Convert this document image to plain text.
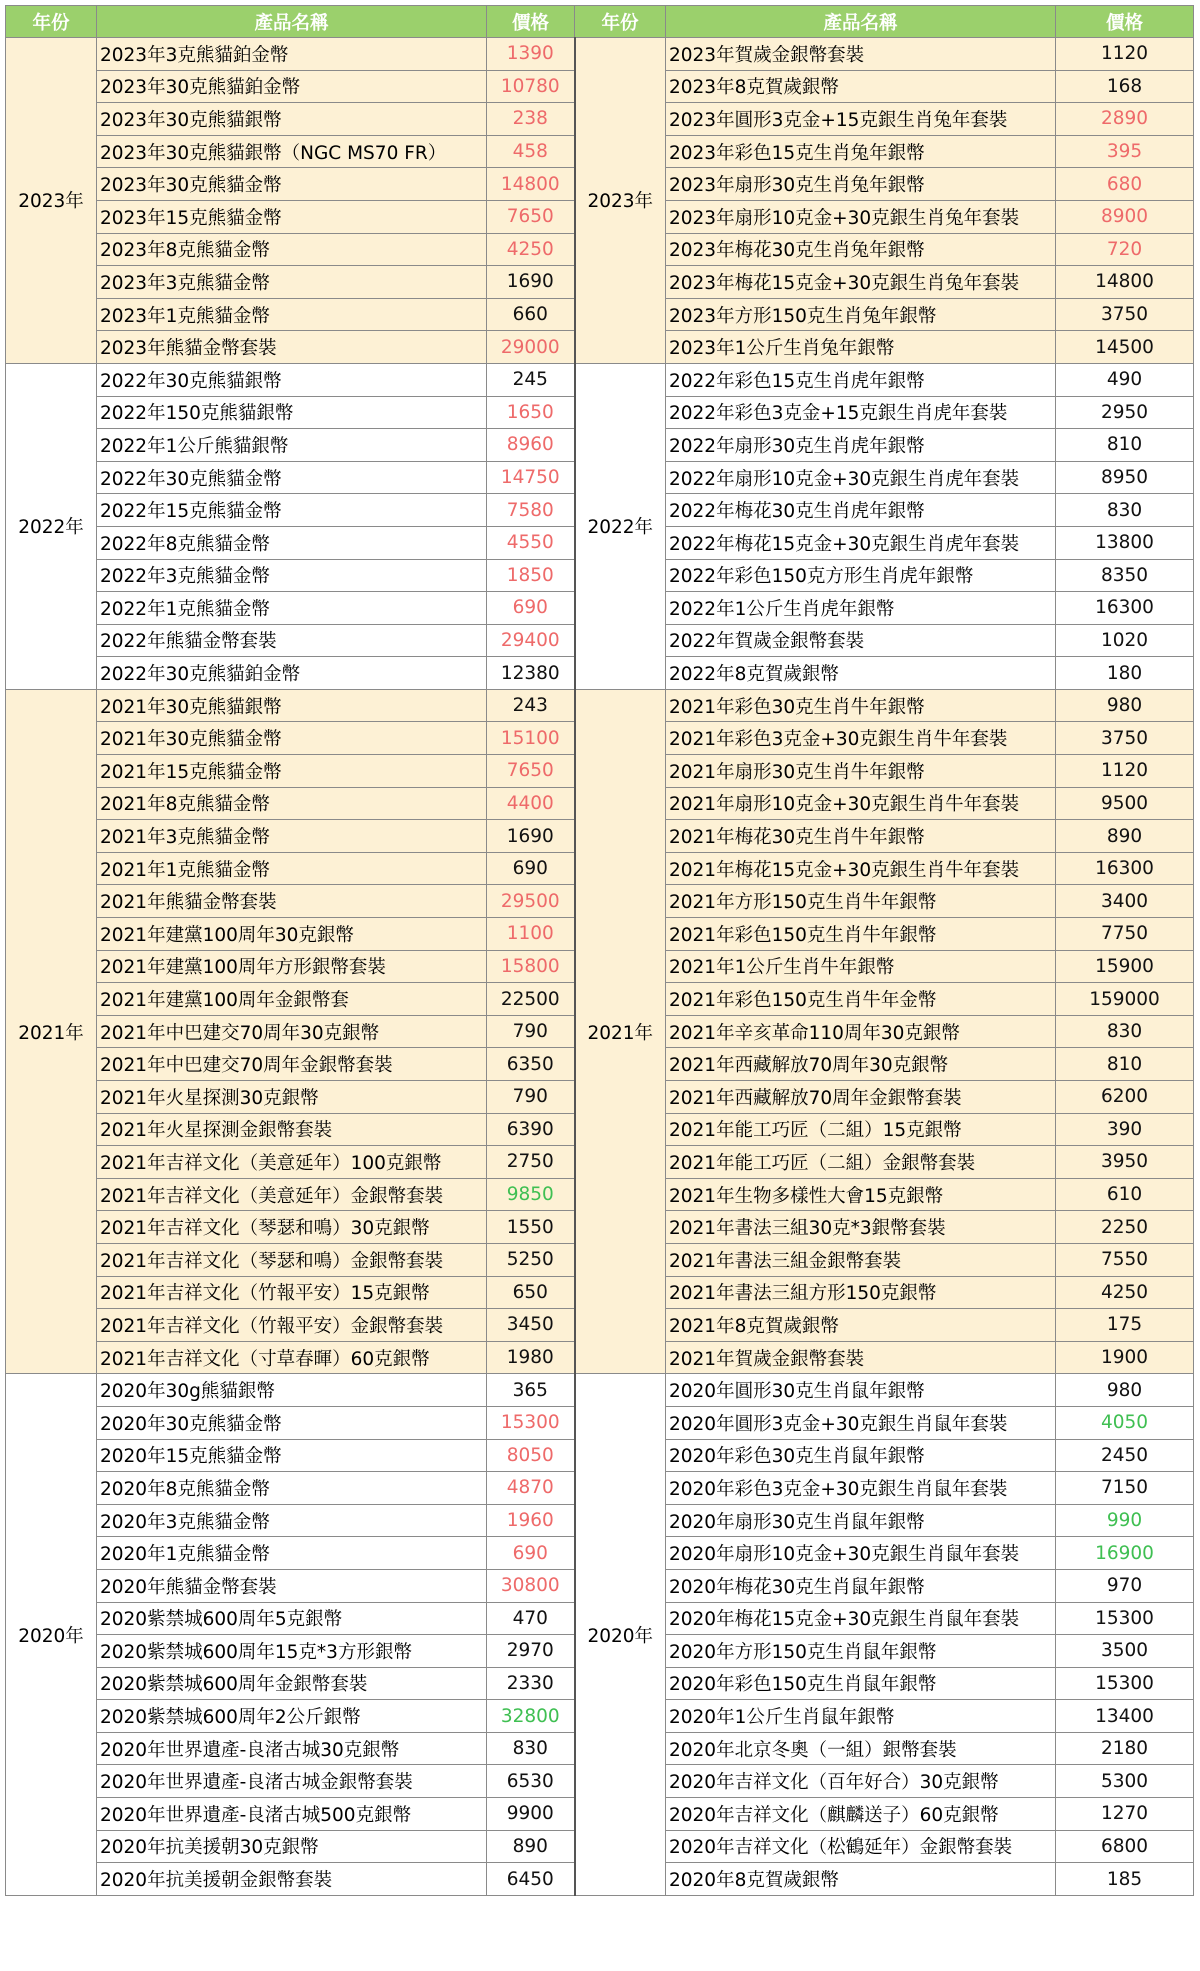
年份	產品名稱	價格	年份	產品名稱	價格
2023年	2023年3克熊貓鉑金幣	1390	2023年	2023年賀歲金銀幣套裝	1120
	2023年30克熊貓鉑金幣	10780		2023年8克賀歲銀幣	168
	2023年30克熊貓銀幣	238		2023年圓形3克金+15克銀生肖兔年套裝	2890
	2023年30克熊貓銀幣（NGC MS70 FR）	458		2023年彩色15克生肖兔年銀幣	395
	2023年30克熊貓金幣	14800		2023年扇形30克生肖兔年銀幣	680
	2023年15克熊貓金幣	7650		2023年扇形10克金+30克銀生肖兔年套裝	8900
	2023年8克熊貓金幣	4250		2023年梅花30克生肖兔年銀幣	720
	2023年3克熊貓金幣	1690		2023年梅花15克金+30克銀生肖兔年套裝	14800
	2023年1克熊貓金幣	660		2023年方形150克生肖兔年銀幣	3750
	2023年熊貓金幣套裝	29000		2023年1公斤生肖兔年銀幣	14500
2022年	2022年30克熊貓銀幣	245	2022年	2022年彩色15克生肖虎年銀幣	490
	2022年150克熊貓銀幣	1650		2022年彩色3克金+15克銀生肖虎年套裝	2950
	2022年1公斤熊貓銀幣	8960		2022年扇形30克生肖虎年銀幣	810
	2022年30克熊貓金幣	14750		2022年扇形10克金+30克銀生肖虎年套裝	8950
	2022年15克熊貓金幣	7580		2022年梅花30克生肖虎年銀幣	830
	2022年8克熊貓金幣	4550		2022年梅花15克金+30克銀生肖虎年套裝	13800
	2022年3克熊貓金幣	1850		2022年彩色150克方形生肖虎年銀幣	8350
	2022年1克熊貓金幣	690		2022年1公斤生肖虎年銀幣	16300
	2022年熊貓金幣套裝	29400		2022年賀歲金銀幣套裝	1020
	2022年30克熊貓鉑金幣	12380		2022年8克賀歲銀幣	180
2021年	2021年30克熊貓銀幣	243	2021年	2021年彩色30克生肖牛年銀幣	980
	2021年30克熊貓金幣	15100		2021年彩色3克金+30克銀生肖牛年套裝	3750
	2021年15克熊貓金幣	7650		2021年扇形30克生肖牛年銀幣	1120
	2021年8克熊貓金幣	4400		2021年扇形10克金+30克銀生肖牛年套裝	9500
	2021年3克熊貓金幣	1690		2021年梅花30克生肖牛年銀幣	890
	2021年1克熊貓金幣	690		2021年梅花15克金+30克銀生肖牛年套裝	16300
	2021年熊貓金幣套裝	29500		2021年方形150克生肖牛年銀幣	3400
	2021年建黨100周年30克銀幣	1100		2021年彩色150克生肖牛年銀幣	7750
	2021年建黨100周年方形銀幣套裝	15800		2021年1公斤生肖牛年銀幣	15900
	2021年建黨100周年金銀幣套	22500		2021年彩色150克生肖牛年金幣	159000
	2021年中巴建交70周年30克銀幣	790		2021年辛亥革命110周年30克銀幣	830
	2021年中巴建交70周年金銀幣套裝	6350		2021年西藏解放70周年30克銀幣	810
	2021年火星探測30克銀幣	790		2021年西藏解放70周年金銀幣套裝	6200
	2021年火星探測金銀幣套裝	6390		2021年能工巧匠（二組）15克銀幣	390
	2021年吉祥文化（美意延年）100克銀幣	2750		2021年能工巧匠（二組）金銀幣套裝	3950
	2021年吉祥文化（美意延年）金銀幣套裝	9850		2021年生物多樣性大會15克銀幣	610
	2021年吉祥文化（琴瑟和鳴）30克銀幣	1550		2021年書法三組30克*3銀幣套裝	2250
	2021年吉祥文化（琴瑟和鳴）金銀幣套裝	5250		2021年書法三組金銀幣套裝	7550
	2021年吉祥文化（竹報平安）15克銀幣	650		2021年書法三組方形150克銀幣	4250
	2021年吉祥文化（竹報平安）金銀幣套裝	3450		2021年8克賀歲銀幣	175
	2021年吉祥文化（寸草春暉）60克銀幣	1980		2021年賀歲金銀幣套裝	1900
2020年	2020年30g熊貓銀幣	365	2020年	2020年圓形30克生肖鼠年銀幣	980
	2020年30克熊貓金幣	15300		2020年圓形3克金+30克銀生肖鼠年套裝	4050
	2020年15克熊貓金幣	8050		2020年彩色30克生肖鼠年銀幣	2450
	2020年8克熊貓金幣	4870		2020年彩色3克金+30克銀生肖鼠年套裝	7150
	2020年3克熊貓金幣	1960		2020年扇形30克生肖鼠年銀幣	990
	2020年1克熊貓金幣	690		2020年扇形10克金+30克銀生肖鼠年套裝	16900
	2020年熊貓金幣套裝	30800		2020年梅花30克生肖鼠年銀幣	970
	2020紫禁城600周年5克銀幣	470		2020年梅花15克金+30克銀生肖鼠年套裝	15300
	2020紫禁城600周年15克*3方形銀幣	2970		2020年方形150克生肖鼠年銀幣	3500
	2020紫禁城600周年金銀幣套裝	2330		2020年彩色150克生肖鼠年銀幣	15300
	2020紫禁城600周年2公斤銀幣	32800		2020年1公斤生肖鼠年銀幣	13400
	2020年世界遺產-良渚古城30克銀幣	830		2020年北京冬奧（一組）銀幣套裝	2180
	2020年世界遺產-良渚古城金銀幣套裝	6530		2020年吉祥文化（百年好合）30克銀幣	5300
	2020年世界遺產-良渚古城500克銀幣	9900		2020年吉祥文化（麒麟送子）60克銀幣	1270
	2020年抗美援朝30克銀幣	890		2020年吉祥文化（松鶴延年）金銀幣套裝	6800
	2020年抗美援朝金銀幣套裝	6450		2020年8克賀歲銀幣	185
